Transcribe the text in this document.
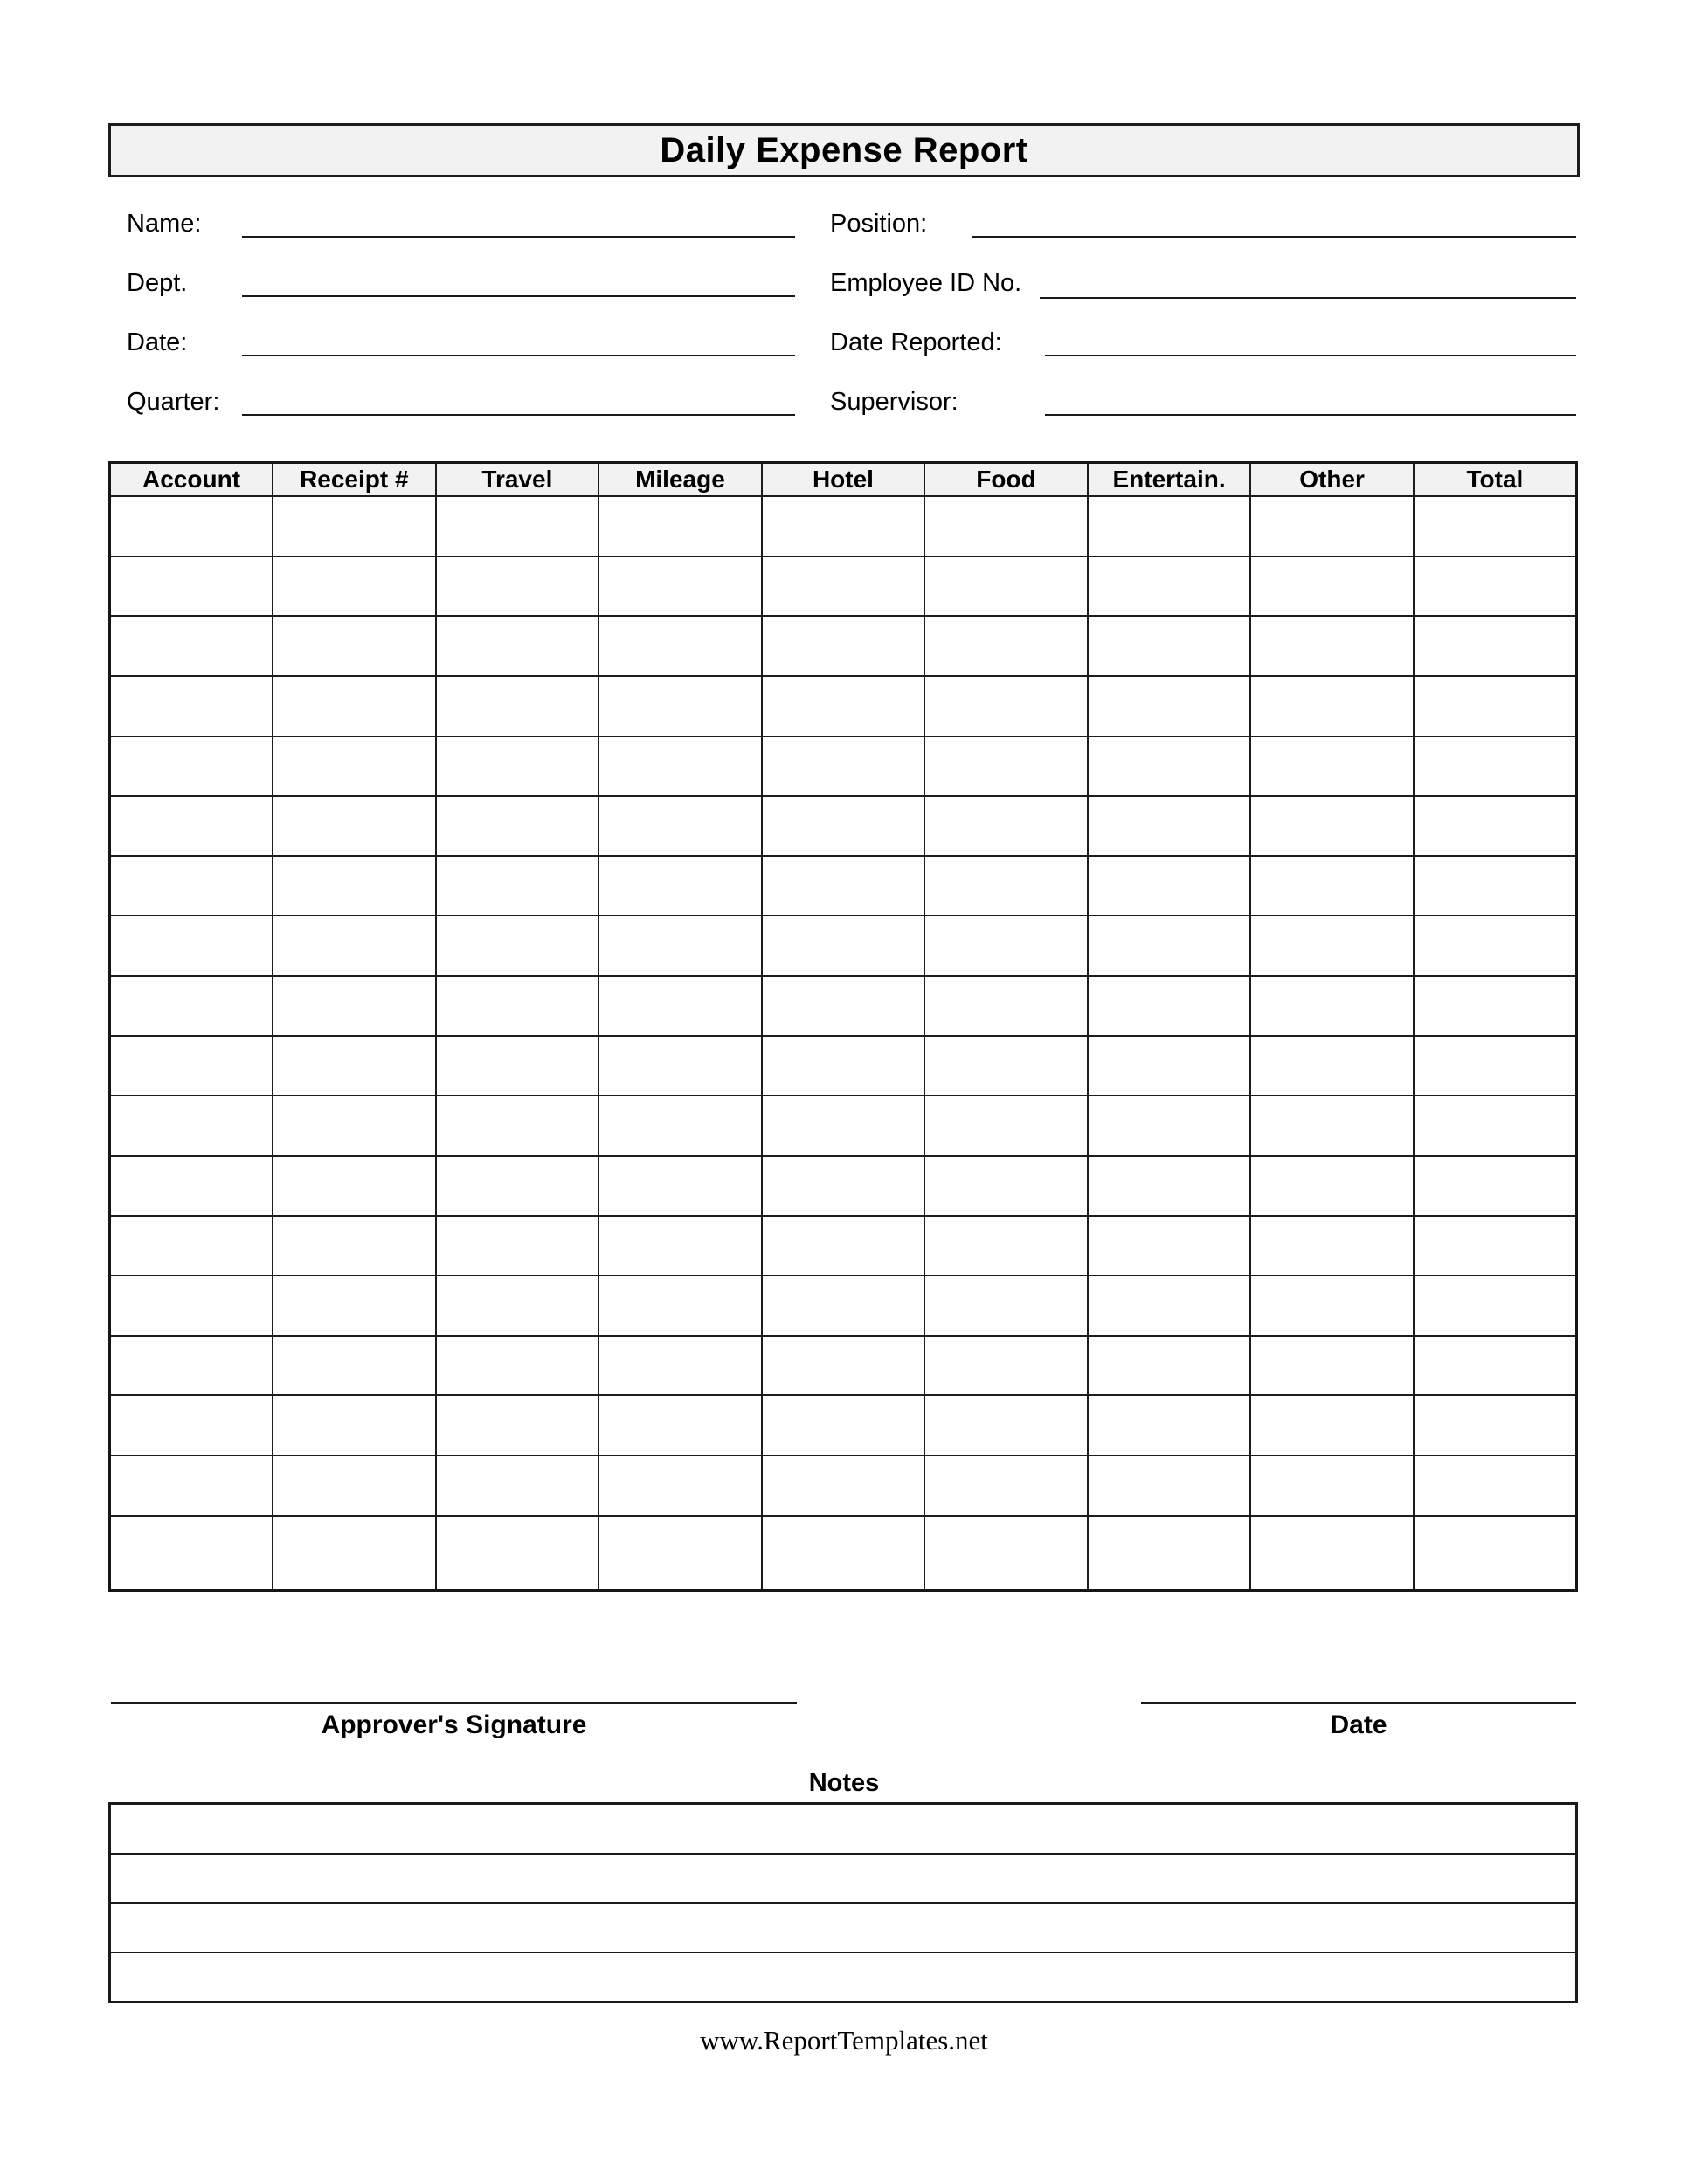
Daily Expense Report
Name:
Dept.
Date:
Quarter:
Position:
Employee ID No.
Date Reported:
Supervisor:
Account	Receipt #	Travel	Mileage	Hotel	Food	Entertain.	Other	Total

Approver's Signature	Date
Notes
www.ReportTemplates.net
